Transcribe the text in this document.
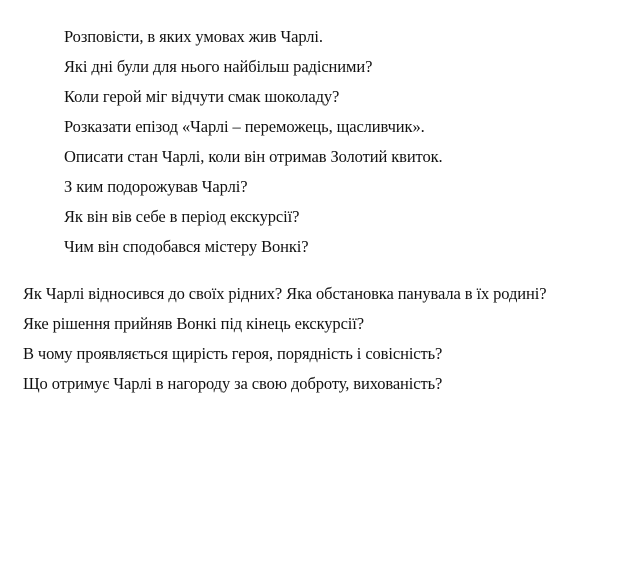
Розповісти, в яких умовах жив Чарлі.
Які дні були для нього найбільш радісними?
Коли герой міг відчути смак шоколаду?
Розказати епізод «Чарлі – переможець, щасливчик».
Описати стан Чарлі, коли він отримав Золотий квиток.
З ким подорожував Чарлі?
Як він вів себе в період екскурсії?
Чим він сподобався містеру Вонкі?
Як Чарлі відносився до своїх рідних? Яка обстановка панувала в їх родині?
Яке рішення прийняв Вонкі під кінець екскурсії?
В чому проявляється щирість героя, порядність і совісність?
Що отримує Чарлі в нагороду за свою доброту, вихованість?
